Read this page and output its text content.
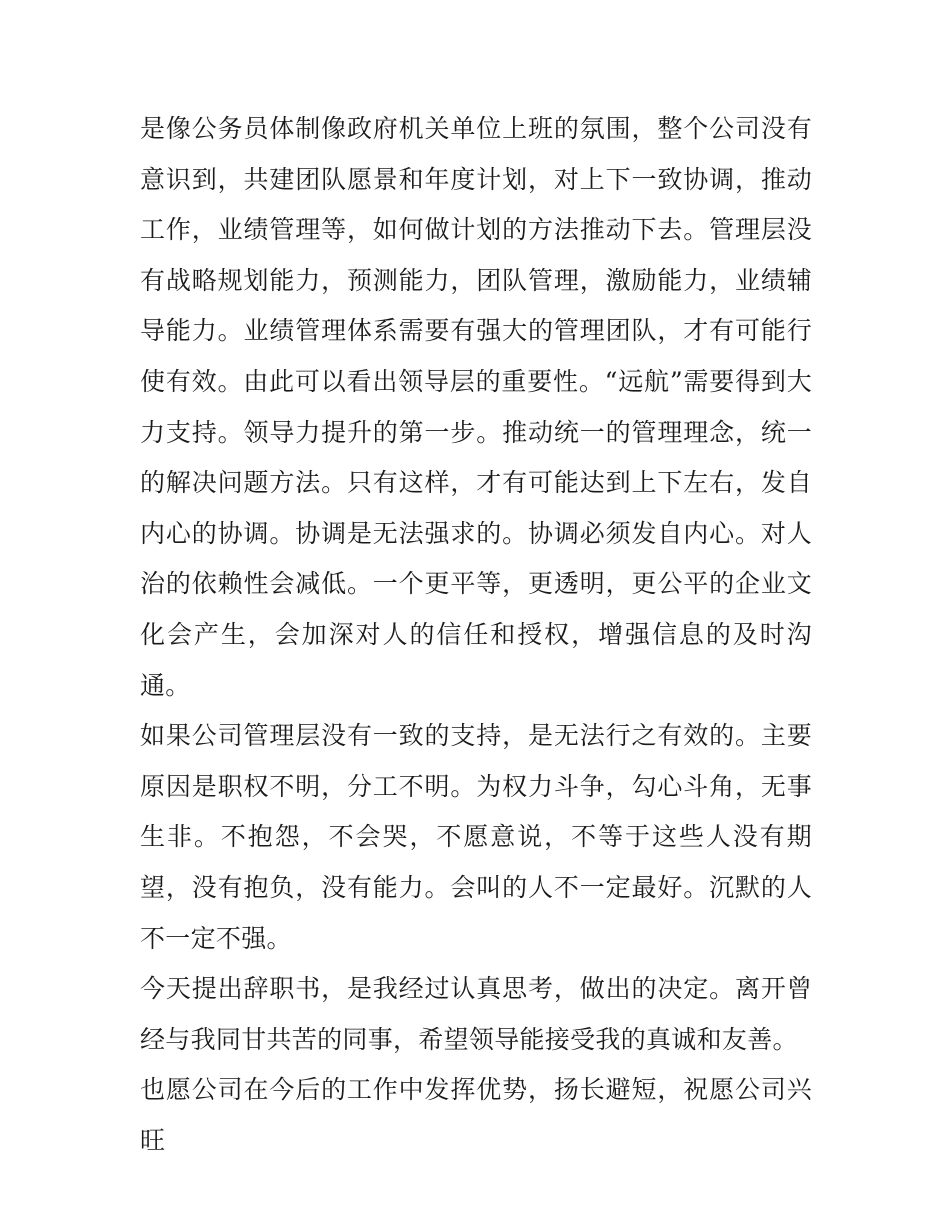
是像公务员体制像政府机关单位上班的氛围，整个公司没有意识到，共建团队愿景和年度计划，对上下一致协调，推动工作，业绩管理等，如何做计划的方法推动下去。管理层没有战略规划能力，预测能力，团队管理，激励能力，业绩辅导能力。业绩管理体系需要有强大的管理团队，才有可能行使有效。由此可以看出领导层的重要性。“远航”需要得到大力支持。领导力提升的第一步。推动统一的管理理念，统一的解决问题方法。只有这样，才有可能达到上下左右，发自内心的协调。协调是无法强求的。协调必须发自内心。对人治的依赖性会减低。一个更平等，更透明，更公平的企业文化会产生，会加深对人的信任和授权，增强信息的及时沟通。

如果公司管理层没有一致的支持，是无法行之有效的。主要原因是职权不明，分工不明。为权力斗争，勾心斗角，无事生非。不抱怨，不会哭，不愿意说，不等于这些人没有期望，没有抱负，没有能力。会叫的人不一定最好。沉默的人不一定不强。

今天提出辞职书，是我经过认真思考，做出的决定。离开曾经与我同甘共苦的同事，希望领导能接受我的真诚和友善。

也愿公司在今后的工作中发挥优势，扬长避短，祝愿公司兴旺
